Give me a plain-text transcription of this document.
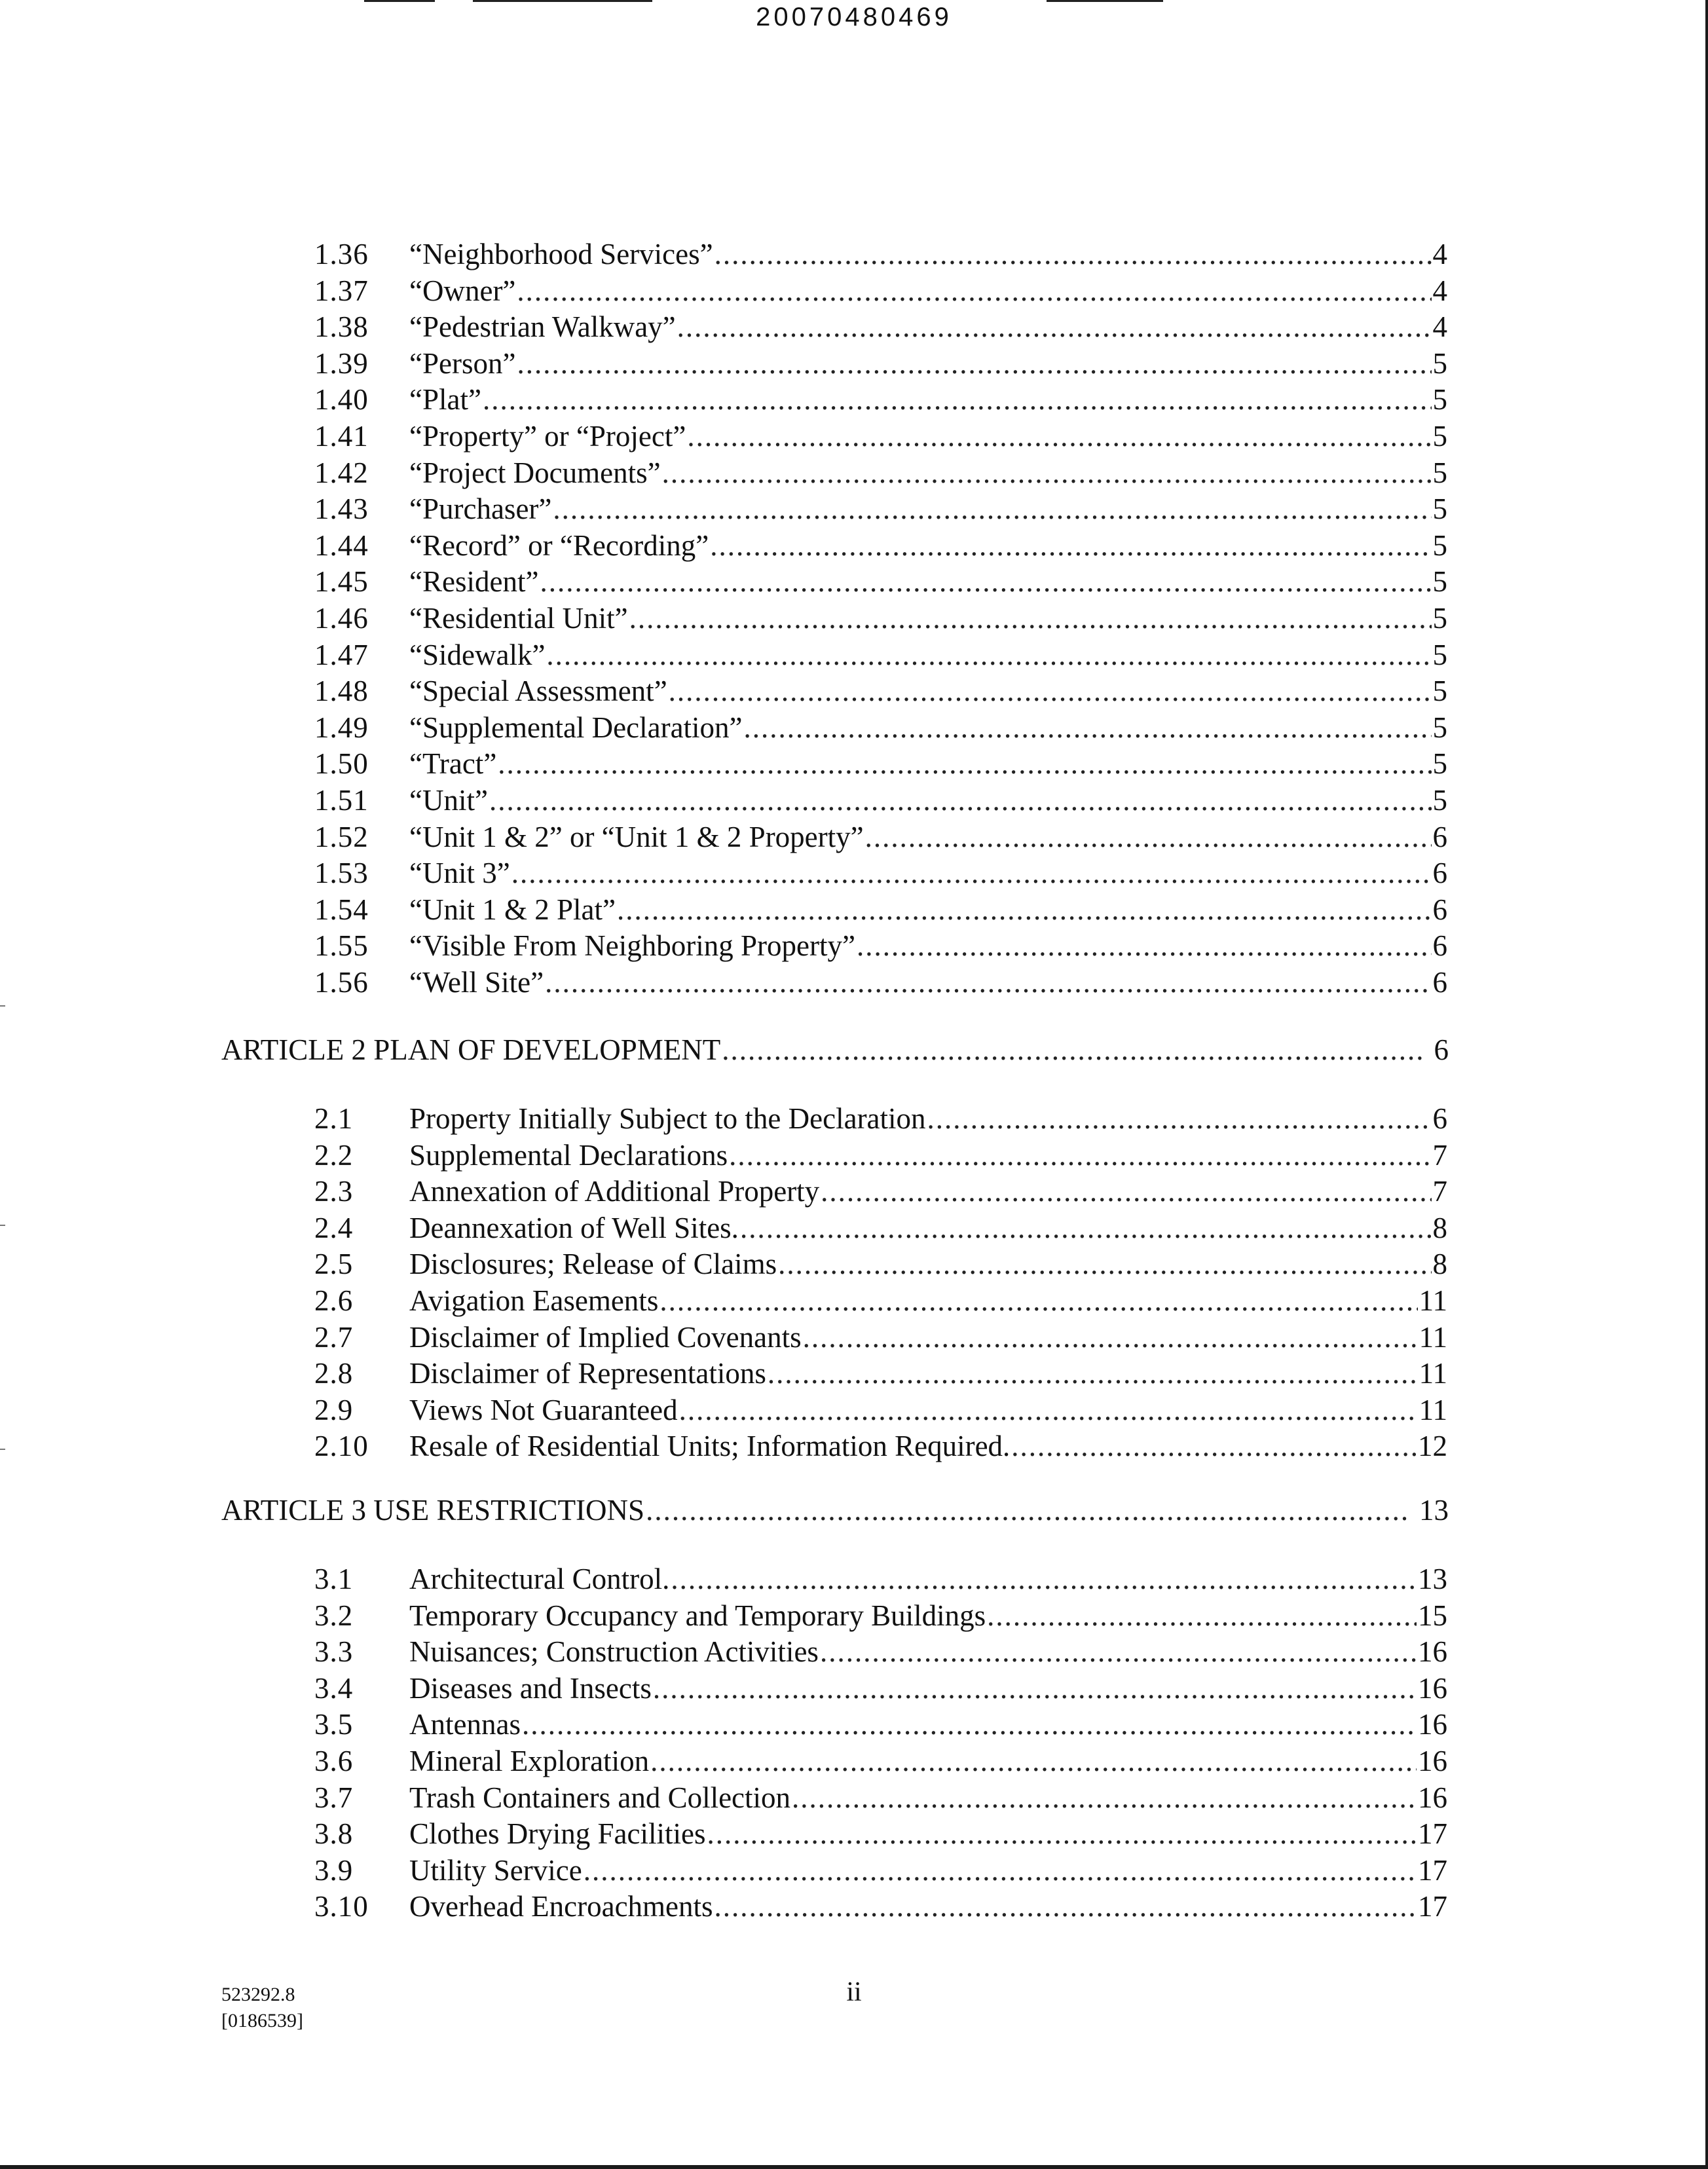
20070480469
1.36	“Neighborhood Services” .....	4
1.37	“Owner” .....	4
1.38	“Pedestrian Walkway” .....	4
1.39	“Person” .....	5
1.40	“Plat” .....	5
1.41	“Property” or “Project” .....	5
1.42	“Project Documents” .....	5
1.43	“Purchaser” .....	5
1.44	“Record” or “Recording” .....	5
1.45	“Resident” .....	5
1.46	“Residential Unit” .....	5
1.47	“Sidewalk” .....	5
1.48	“Special Assessment” .....	5
1.49	“Supplemental Declaration” .....	5
1.50	“Tract” .....	5
1.51	“Unit” .....	5
1.52	“Unit 1 & 2” or “Unit 1 & 2 Property” .....	6
1.53	“Unit 3” .....	6
1.54	“Unit 1 & 2 Plat” .....	6
1.55	“Visible From Neighboring Property” .....	6
1.56	“Well Site” .....	6
ARTICLE 2 PLAN OF DEVELOPMENT .....	6
2.1	Property Initially Subject to the Declaration .....	6
2.2	Supplemental Declarations .....	7
2.3	Annexation of Additional Property .....	7
2.4	Deannexation of Well Sites. .....	8
2.5	Disclosures; Release of Claims .....	8
2.6	Avigation Easements .....	11
2.7	Disclaimer of Implied Covenants .....	11
2.8	Disclaimer of Representations .....	11
2.9	Views Not Guaranteed .....	11
2.10	Resale of Residential Units; Information Required. .....	12
ARTICLE 3 USE RESTRICTIONS .....	13
3.1	Architectural Control. .....	13
3.2	Temporary Occupancy and Temporary Buildings .....	15
3.3	Nuisances; Construction Activities .....	16
3.4	Diseases and Insects .....	16
3.5	Antennas .....	16
3.6	Mineral Exploration .....	16
3.7	Trash Containers and Collection .....	16
3.8	Clothes Drying Facilities .....	17
3.9	Utility Service .....	17
3.10	Overhead Encroachments .....	17
523292.8
[0186539]
ii
